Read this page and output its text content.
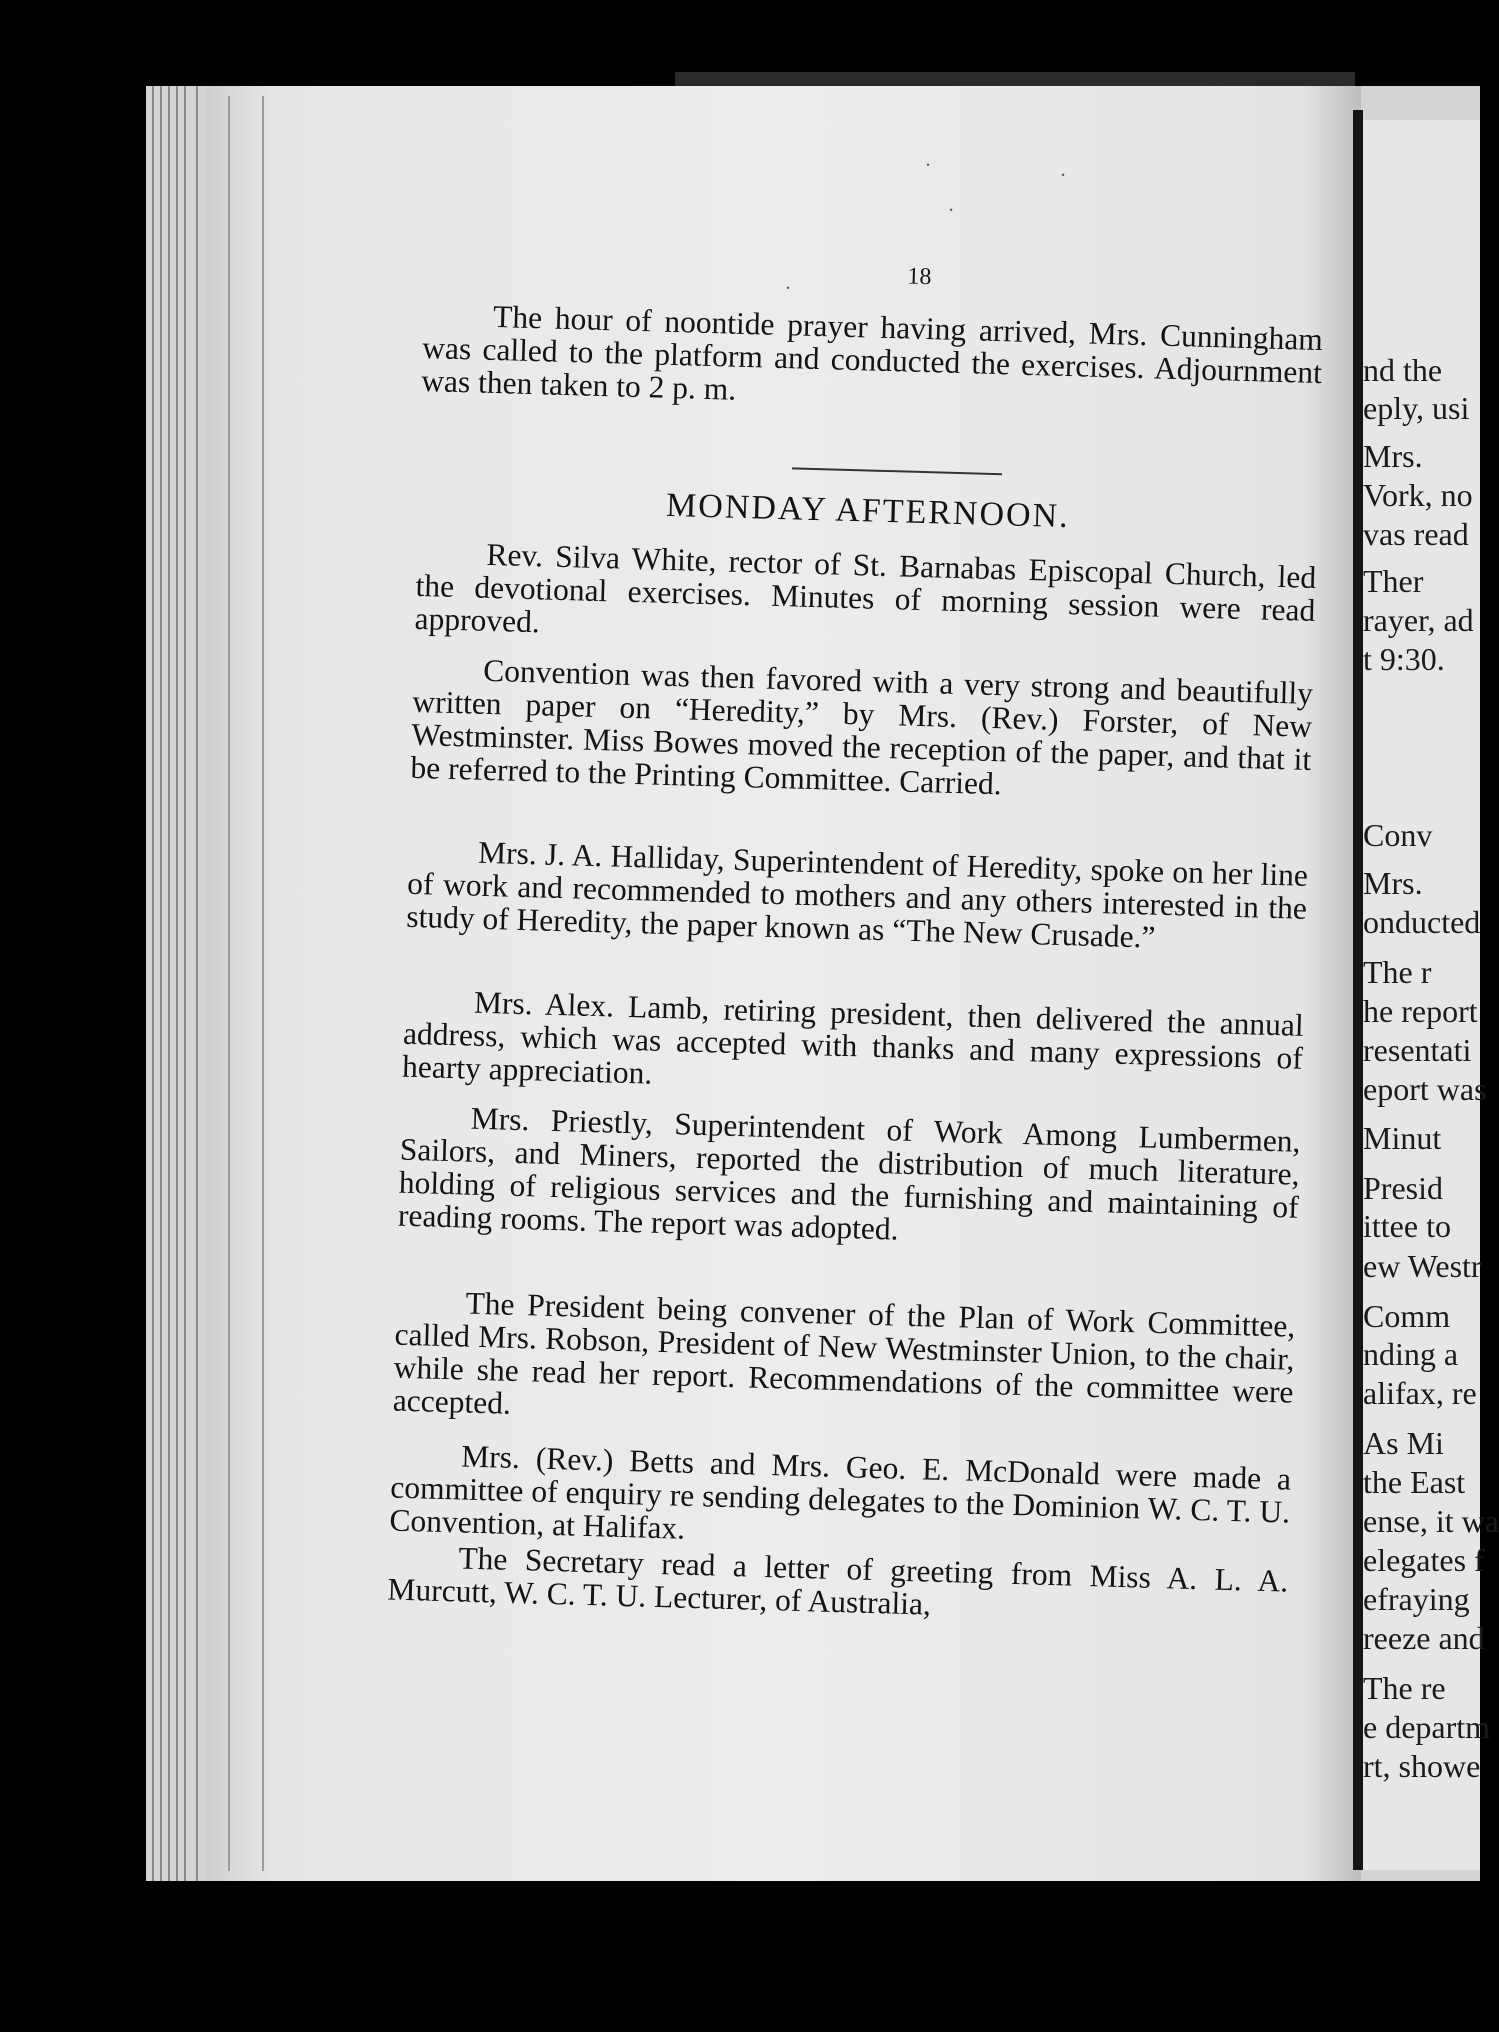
nd the
eply, usi
Mrs.
Vork, no
vas read
Ther
rayer, ad
t 9:30.
Conv
Mrs.
onducted
The r
he report
resentati
eport was
Minut
Presid
ittee to
ew Westr
Comm
nding a
alifax, re
As Mi
the East
ense, it wa
elegates f
efraying
reeze and
The re
e departm
rt, showe
⋅
⋅
⋅
⋅	18
The hour of noontide prayer having arrived, Mrs. Cunningham was called to the platform and conducted the exercises. Adjournment was then taken to 2 p. m.
MONDAY AFTERNOON.
Rev. Silva White, rector of St. Barnabas Episcopal Church, led the devotional exercises. Minutes of morning session were read approved.
Convention was then favored with a very strong and beautifully written paper on “Heredity,” by Mrs. (Rev.) Forster, of New Westminster. Miss Bowes moved the reception of the paper, and that it be referred to the Printing Committee. Carried.
Mrs. J. A. Halliday, Superintendent of Heredity, spoke on her line of work and recommended to mothers and any others interested in the study of Heredity, the paper known as “The New Crusade.”
Mrs. Alex. Lamb, retiring president, then delivered the annual address, which was accepted with thanks and many expressions of hearty appreciation.
Mrs. Priestly, Superintendent of Work Among Lumbermen, Sailors, and Miners, reported the distribution of much literature, holding of religious services and the furnishing and maintaining of reading rooms. The report was adopted.
The President being convener of the Plan of Work Committee, called Mrs. Robson, President of New Westminster Union, to the chair, while she read her report. Recommendations of the committee were accepted.
Mrs. (Rev.) Betts and Mrs. Geo. E. McDonald were made a committee of enquiry re sending delegates to the Dominion W. C. T. U. Convention, at Halifax.
The Secretary read a letter of greeting from Miss A. L. A. Murcutt, W. C. T. U. Lecturer, of Australia,
